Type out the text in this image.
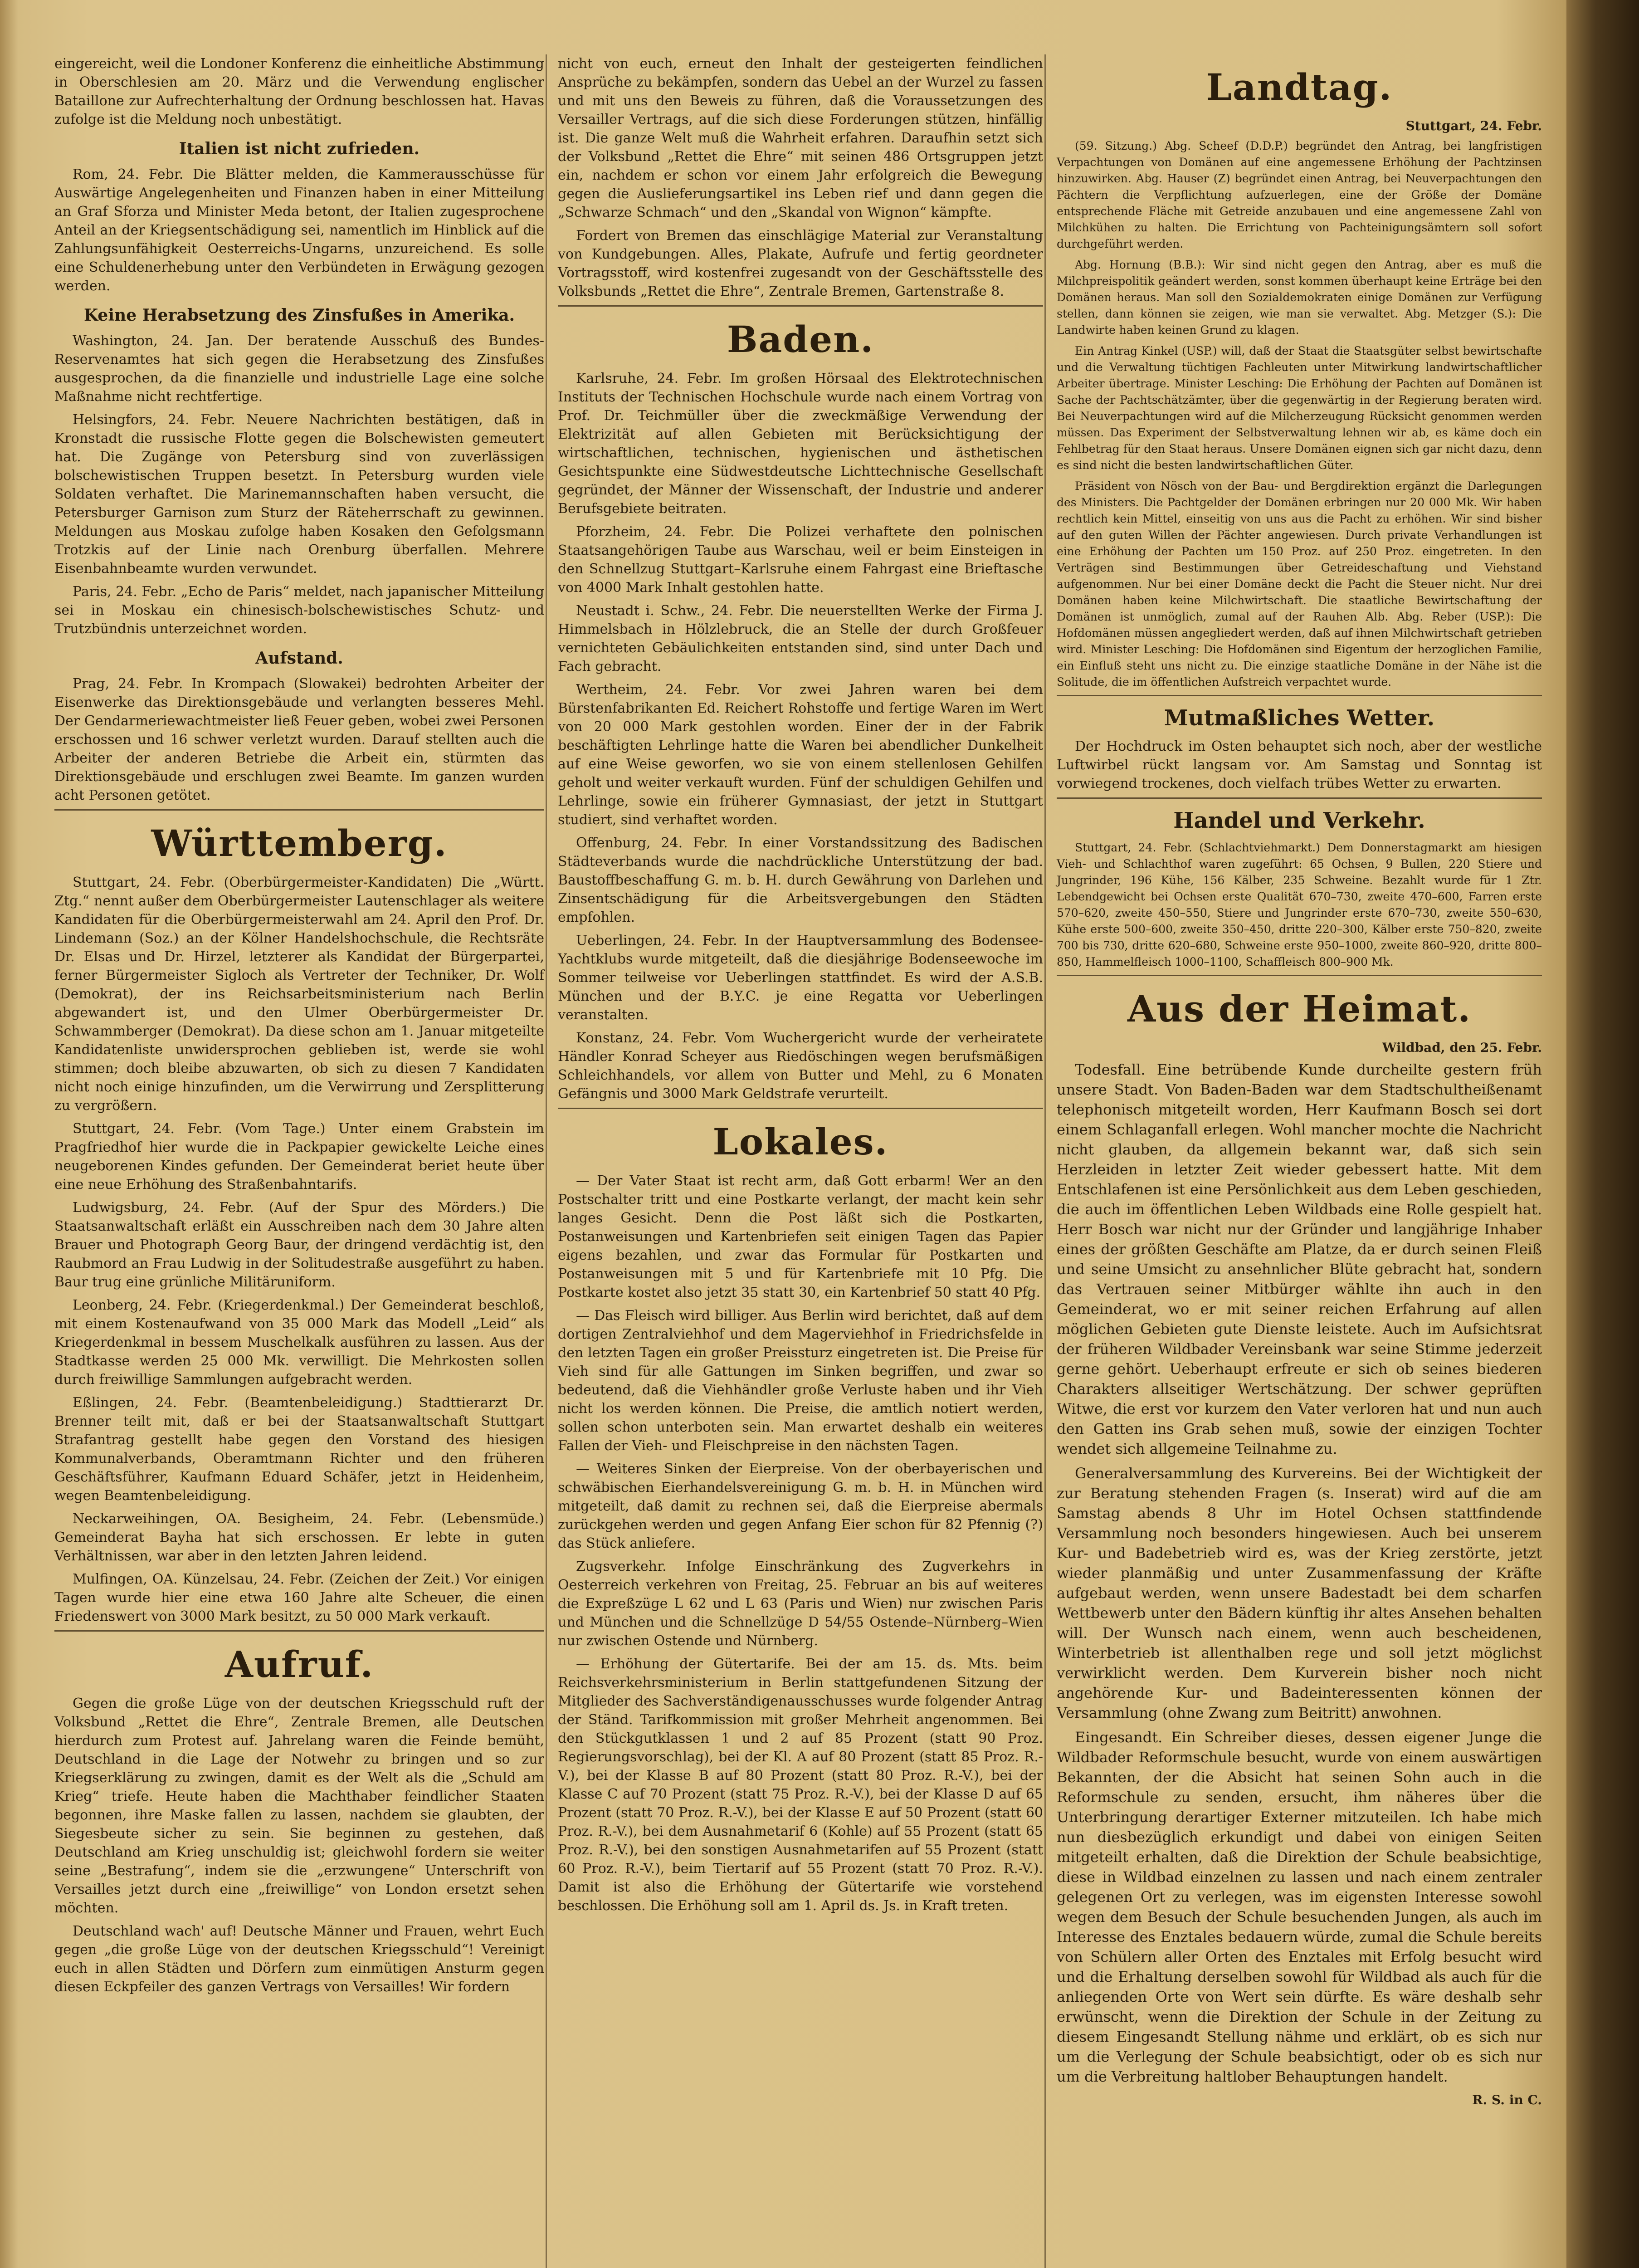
eingereicht, weil die Londoner Konferenz die einheitliche Abstimmung in Oberschlesien am 20. März und die Verwendung englischer Bataillone zur Aufrechterhaltung der Ordnung beschlossen hat. Havas zufolge ist die Meldung noch unbestätigt.

Italien ist nicht zufrieden.

Rom, 24. Febr. Die Blätter melden, die Kammerausschüsse für Auswärtige Angelegenheiten und Finanzen haben in einer Mitteilung an Graf Sforza und Minister Meda betont, der Italien zugesprochene Anteil an der Kriegsentschädigung sei, namentlich im Hinblick auf die Zahlungsunfähigkeit Oesterreichs-Ungarns, unzureichend. Es solle eine Schuldenerhebung unter den Verbündeten in Erwägung gezogen werden.

Keine Herabsetzung des Zinsfußes in Amerika.

Washington, 24. Jan. Der beratende Ausschuß des Bundes-Reservenamtes hat sich gegen die Herabsetzung des Zinsfußes ausgesprochen, da die finanzielle und industrielle Lage eine solche Maßnahme nicht rechtfertige.

Helsingfors, 24. Febr. Neuere Nachrichten bestätigen, daß in Kronstadt die russische Flotte gegen die Bolschewisten gemeutert hat. Die Zugänge von Petersburg sind von zuverlässigen bolschewistischen Truppen besetzt. In Petersburg wurden viele Soldaten verhaftet. Die Marinemannschaften haben versucht, die Petersburger Garnison zum Sturz der Räteherrschaft zu gewinnen. Meldungen aus Moskau zufolge haben Kosaken den Gefolgsmann Trotzkis auf der Linie nach Orenburg überfallen. Mehrere Eisenbahnbeamte wurden verwundet.

Paris, 24. Febr. „Echo de Paris“ meldet, nach japanischer Mitteilung sei in Moskau ein chinesisch-bolschewistisches Schutz- und Trutzbündnis unterzeichnet worden.

Aufstand.

Prag, 24. Febr. In Krompach (Slowakei) bedrohten Arbeiter der Eisenwerke das Direktionsgebäude und verlangten besseres Mehl. Der Gendarmeriewachtmeister ließ Feuer geben, wobei zwei Personen erschossen und 16 schwer verletzt wurden. Darauf stellten auch die Arbeiter der anderen Betriebe die Arbeit ein, stürmten das Direktionsgebäude und erschlugen zwei Beamte. Im ganzen wurden acht Personen getötet.

Württemberg.

Stuttgart, 24. Febr. (Oberbürgermeister-Kandidaten) Die „Württ. Ztg.“ nennt außer dem Oberbürgermeister Lautenschlager als weitere Kandidaten für die Oberbürgermeisterwahl am 24. April den Prof. Dr. Lindemann (Soz.) an der Kölner Handelshochschule, die Rechtsräte Dr. Elsas und Dr. Hirzel, letzterer als Kandidat der Bürgerpartei, ferner Bürgermeister Sigloch als Vertreter der Techniker, Dr. Wolf (Demokrat), der ins Reichsarbeitsministerium nach Berlin abgewandert ist, und den Ulmer Oberbürgermeister Dr. Schwammberger (Demokrat). Da diese schon am 1. Januar mitgeteilte Kandidatenliste unwidersprochen geblieben ist, werde sie wohl stimmen; doch bleibe abzuwarten, ob sich zu diesen 7 Kandidaten nicht noch einige hinzufinden, um die Verwirrung und Zersplitterung zu vergrößern.

Stuttgart, 24. Febr. (Vom Tage.) Unter einem Grabstein im Pragfriedhof hier wurde die in Packpapier gewickelte Leiche eines neugeborenen Kindes gefunden. Der Gemeinderat beriet heute über eine neue Erhöhung des Straßenbahntarifs.

Ludwigsburg, 24. Febr. (Auf der Spur des Mörders.) Die Staatsanwaltschaft erläßt ein Ausschreiben nach dem 30 Jahre alten Brauer und Photograph Georg Baur, der dringend verdächtig ist, den Raubmord an Frau Ludwig in der Solitudestraße ausgeführt zu haben. Baur trug eine grünliche Militäruniform.

Leonberg, 24. Febr. (Kriegerdenkmal.) Der Gemeinderat beschloß, mit einem Kostenaufwand von 35 000 Mark das Modell „Leid“ als Kriegerdenkmal in bessem Muschelkalk ausführen zu lassen. Aus der Stadtkasse werden 25 000 Mk. verwilligt. Die Mehrkosten sollen durch freiwillige Sammlungen aufgebracht werden.

Eßlingen, 24. Febr. (Beamtenbeleidigung.) Stadttierarzt Dr. Brenner teilt mit, daß er bei der Staatsanwaltschaft Stuttgart Strafantrag gestellt habe gegen den Vorstand des hiesigen Kommunalverbands, Oberamtmann Richter und den früheren Geschäftsführer, Kaufmann Eduard Schäfer, jetzt in Heidenheim, wegen Beamtenbeleidigung.

Neckarweihingen, OA. Besigheim, 24. Febr. (Lebensmüde.) Gemeinderat Bayha hat sich erschossen. Er lebte in guten Verhältnissen, war aber in den letzten Jahren leidend.

Mulfingen, OA. Künzelsau, 24. Febr. (Zeichen der Zeit.) Vor einigen Tagen wurde hier eine etwa 160 Jahre alte Scheuer, die einen Friedenswert von 3000 Mark besitzt, zu 50 000 Mark verkauft.

Aufruf.

Gegen die große Lüge von der deutschen Kriegsschuld ruft der Volksbund „Rettet die Ehre“, Zentrale Bremen, alle Deutschen hierdurch zum Protest auf. Jahrelang waren die Feinde bemüht, Deutschland in die Lage der Notwehr zu bringen und so zur Kriegserklärung zu zwingen, damit es der Welt als die „Schuld am Krieg“ triefe. Heute haben die Machthaber feindlicher Staaten begonnen, ihre Maske fallen zu lassen, nachdem sie glaubten, der Siegesbeute sicher zu sein. Sie beginnen zu gestehen, daß Deutschland am Krieg unschuldig ist; gleichwohl fordern sie weiter seine „Bestrafung“, indem sie die „erzwungene“ Unterschrift von Versailles jetzt durch eine „freiwillige“ von London ersetzt sehen möchten.

Deutschland wach' auf! Deutsche Männer und Frauen, wehrt Euch gegen „die große Lüge von der deutschen Kriegsschuld“! Vereinigt euch in allen Städten und Dörfern zum einmütigen Ansturm gegen diesen Eckpfeiler des ganzen Vertrags von Versailles! Wir fordern

nicht von euch, erneut den Inhalt der gesteigerten feindlichen Ansprüche zu bekämpfen, sondern das Uebel an der Wurzel zu fassen und mit uns den Beweis zu führen, daß die Voraussetzungen des Versailler Vertrags, auf die sich diese Forderungen stützen, hinfällig ist. Die ganze Welt muß die Wahrheit erfahren. Daraufhin setzt sich der Volksbund „Rettet die Ehre“ mit seinen 486 Ortsgruppen jetzt ein, nachdem er schon vor einem Jahr erfolgreich die Bewegung gegen die Auslieferungsartikel ins Leben rief und dann gegen die „Schwarze Schmach“ und den „Skandal von Wignon“ kämpfte.

Fordert von Bremen das einschlägige Material zur Veranstaltung von Kundgebungen. Alles, Plakate, Aufrufe und fertig geordneter Vortragsstoff, wird kostenfrei zugesandt von der Geschäftsstelle des Volksbunds „Rettet die Ehre“, Zentrale Bremen, Gartenstraße 8.

Baden.

Karlsruhe, 24. Febr. Im großen Hörsaal des Elektrotechnischen Instituts der Technischen Hochschule wurde nach einem Vortrag von Prof. Dr. Teichmüller über die zweckmäßige Verwendung der Elektrizität auf allen Gebieten mit Berücksichtigung der wirtschaftlichen, technischen, hygienischen und ästhetischen Gesichtspunkte eine Südwestdeutsche Lichttechnische Gesellschaft gegründet, der Männer der Wissenschaft, der Industrie und anderer Berufsgebiete beitraten.

Pforzheim, 24. Febr. Die Polizei verhaftete den polnischen Staatsangehörigen Taube aus Warschau, weil er beim Einsteigen in den Schnellzug Stuttgart–Karlsruhe einem Fahrgast eine Brieftasche von 4000 Mark Inhalt gestohlen hatte.

Neustadt i. Schw., 24. Febr. Die neuerstellten Werke der Firma J. Himmelsbach in Hölzlebruck, die an Stelle der durch Großfeuer vernichteten Gebäulichkeiten entstanden sind, sind unter Dach und Fach gebracht.

Wertheim, 24. Febr. Vor zwei Jahren waren bei dem Bürstenfabrikanten Ed. Reichert Rohstoffe und fertige Waren im Wert von 20 000 Mark gestohlen worden. Einer der in der Fabrik beschäftigten Lehrlinge hatte die Waren bei abendlicher Dunkelheit auf eine Weise geworfen, wo sie von einem stellenlosen Gehilfen geholt und weiter verkauft wurden. Fünf der schuldigen Gehilfen und Lehrlinge, sowie ein früherer Gymnasiast, der jetzt in Stuttgart studiert, sind verhaftet worden.

Offenburg, 24. Febr. In einer Vorstandssitzung des Badischen Städteverbands wurde die nachdrückliche Unterstützung der bad. Baustoffbeschaffung G. m. b. H. durch Gewährung von Darlehen und Zinsentschädigung für die Arbeitsvergebungen den Städten empfohlen.

Ueberlingen, 24. Febr. In der Hauptversammlung des Bodensee-Yachtklubs wurde mitgeteilt, daß die diesjährige Bodenseewoche im Sommer teilweise vor Ueberlingen stattfindet. Es wird der A.S.B. München und der B.Y.C. je eine Regatta vor Ueberlingen veranstalten.

Konstanz, 24. Febr. Vom Wuchergericht wurde der verheiratete Händler Konrad Scheyer aus Riedöschingen wegen berufsmäßigen Schleichhandels, vor allem von Butter und Mehl, zu 6 Monaten Gefängnis und 3000 Mark Geldstrafe verurteilt.

Lokales.

— Der Vater Staat ist recht arm, daß Gott erbarm! Wer an den Postschalter tritt und eine Postkarte verlangt, der macht kein sehr langes Gesicht. Denn die Post läßt sich die Postkarten, Postanweisungen und Kartenbriefen seit einigen Tagen das Papier eigens bezahlen, und zwar das Formular für Postkarten und Postanweisungen mit 5 und für Kartenbriefe mit 10 Pfg. Die Postkarte kostet also jetzt 35 statt 30, ein Kartenbrief 50 statt 40 Pfg.

— Das Fleisch wird billiger. Aus Berlin wird berichtet, daß auf dem dortigen Zentralviehhof und dem Magerviehhof in Friedrichsfelde in den letzten Tagen ein großer Preissturz eingetreten ist. Die Preise für Vieh sind für alle Gattungen im Sinken begriffen, und zwar so bedeutend, daß die Viehhändler große Verluste haben und ihr Vieh nicht los werden können. Die Preise, die amtlich notiert werden, sollen schon unterboten sein. Man erwartet deshalb ein weiteres Fallen der Vieh- und Fleischpreise in den nächsten Tagen.

— Weiteres Sinken der Eierpreise. Von der oberbayerischen und schwäbischen Eierhandelsvereinigung G. m. b. H. in München wird mitgeteilt, daß damit zu rechnen sei, daß die Eierpreise abermals zurückgehen werden und gegen Anfang Eier schon für 82 Pfennig (?) das Stück anliefere.

Zugsverkehr. Infolge Einschränkung des Zugverkehrs in Oesterreich verkehren von Freitag, 25. Februar an bis auf weiteres die Expreßzüge L 62 und L 63 (Paris und Wien) nur zwischen Paris und München und die Schnellzüge D 54/55 Ostende–Nürnberg–Wien nur zwischen Ostende und Nürnberg.

— Erhöhung der Gütertarife. Bei der am 15. ds. Mts. beim Reichsverkehrsministerium in Berlin stattgefundenen Sitzung der Mitglieder des Sachverständigenausschusses wurde folgender Antrag der Ständ. Tarifkommission mit großer Mehrheit angenommen. Bei den Stückgutklassen 1 und 2 auf 85 Prozent (statt 90 Proz. Regierungsvorschlag), bei der Kl. A auf 80 Prozent (statt 85 Proz. R.-V.), bei der Klasse B auf 80 Prozent (statt 80 Proz. R.-V.), bei der Klasse C auf 70 Prozent (statt 75 Proz. R.-V.), bei der Klasse D auf 65 Prozent (statt 70 Proz. R.-V.), bei der Klasse E auf 50 Prozent (statt 60 Proz. R.-V.), bei dem Ausnahmetarif 6 (Kohle) auf 55 Prozent (statt 65 Proz. R.-V.), bei den sonstigen Ausnahmetarifen auf 55 Prozent (statt 60 Proz. R.-V.), beim Tiertarif auf 55 Prozent (statt 70 Proz. R.-V.). Damit ist also die Erhöhung der Gütertarife wie vorstehend beschlossen. Die Erhöhung soll am 1. April ds. Js. in Kraft treten.

Landtag.
Stuttgart, 24. Febr.

(59. Sitzung.) Abg. Scheef (D.D.P.) begründet den Antrag, bei langfristigen Verpachtungen von Domänen auf eine angemessene Erhöhung der Pachtzinsen hinzuwirken. Abg. Hauser (Z) begründet einen Antrag, bei Neuverpachtungen den Pächtern die Verpflichtung aufzuerlegen, eine der Größe der Domäne entsprechende Fläche mit Getreide anzubauen und eine angemessene Zahl von Milchkühen zu halten. Die Errichtung von Pachteinigungsämtern soll sofort durchgeführt werden.

Abg. Hornung (B.B.): Wir sind nicht gegen den Antrag, aber es muß die Milchpreispolitik geändert werden, sonst kommen überhaupt keine Erträge bei den Domänen heraus. Man soll den Sozialdemokraten einige Domänen zur Verfügung stellen, dann können sie zeigen, wie man sie verwaltet. Abg. Metzger (S.): Die Landwirte haben keinen Grund zu klagen.

Ein Antrag Kinkel (USP.) will, daß der Staat die Staatsgüter selbst bewirtschafte und die Verwaltung tüchtigen Fachleuten unter Mitwirkung landwirtschaftlicher Arbeiter übertrage. Minister Lesching: Die Erhöhung der Pachten auf Domänen ist Sache der Pachtschätzämter, über die gegenwärtig in der Regierung beraten wird. Bei Neuverpachtungen wird auf die Milcherzeugung Rücksicht genommen werden müssen. Das Experiment der Selbstverwaltung lehnen wir ab, es käme doch ein Fehlbetrag für den Staat heraus. Unsere Domänen eignen sich gar nicht dazu, denn es sind nicht die besten landwirtschaftlichen Güter.

Präsident von Nösch von der Bau- und Bergdirektion ergänzt die Darlegungen des Ministers. Die Pachtgelder der Domänen erbringen nur 20 000 Mk. Wir haben rechtlich kein Mittel, einseitig von uns aus die Pacht zu erhöhen. Wir sind bisher auf den guten Willen der Pächter angewiesen. Durch private Verhandlungen ist eine Erhöhung der Pachten um 150 Proz. auf 250 Proz. eingetreten. In den Verträgen sind Bestimmungen über Getreideschaftung und Viehstand aufgenommen. Nur bei einer Domäne deckt die Pacht die Steuer nicht. Nur drei Domänen haben keine Milchwirtschaft. Die staatliche Bewirtschaftung der Domänen ist unmöglich, zumal auf der Rauhen Alb. Abg. Reber (USP.): Die Hofdomänen müssen angegliedert werden, daß auf ihnen Milchwirtschaft getrieben wird. Minister Lesching: Die Hofdomänen sind Eigentum der herzoglichen Familie, ein Einfluß steht uns nicht zu. Die einzige staatliche Domäne in der Nähe ist die Solitude, die im öffentlichen Aufstreich verpachtet wurde.

Mutmaßliches Wetter.

Der Hochdruck im Osten behauptet sich noch, aber der westliche Luftwirbel rückt langsam vor. Am Samstag und Sonntag ist vorwiegend trockenes, doch vielfach trübes Wetter zu erwarten.

Handel und Verkehr.

Stuttgart, 24. Febr. (Schlachtviehmarkt.) Dem Donnerstagmarkt am hiesigen Vieh- und Schlachthof waren zugeführt: 65 Ochsen, 9 Bullen, 220 Stiere und Jungrinder, 196 Kühe, 156 Kälber, 235 Schweine. Bezahlt wurde für 1 Ztr. Lebendgewicht bei Ochsen erste Qualität 670–730, zweite 470–600, Farren erste 570–620, zweite 450–550, Stiere und Jungrinder erste 670–730, zweite 550–630, Kühe erste 500–600, zweite 350–450, dritte 220–300, Kälber erste 750–820, zweite 700 bis 730, dritte 620–680, Schweine erste 950–1000, zweite 860–920, dritte 800–850, Hammelfleisch 1000–1100, Schaffleisch 800–900 Mk.

Aus der Heimat.
Wildbad, den 25. Febr.

Todesfall. Eine betrübende Kunde durcheilte gestern früh unsere Stadt. Von Baden-Baden war dem Stadtschultheißenamt telephonisch mitgeteilt worden, Herr Kaufmann Bosch sei dort einem Schlaganfall erlegen. Wohl mancher mochte die Nachricht nicht glauben, da allgemein bekannt war, daß sich sein Herzleiden in letzter Zeit wieder gebessert hatte. Mit dem Entschlafenen ist eine Persönlichkeit aus dem Leben geschieden, die auch im öffentlichen Leben Wildbads eine Rolle gespielt hat. Herr Bosch war nicht nur der Gründer und langjährige Inhaber eines der größten Geschäfte am Platze, da er durch seinen Fleiß und seine Umsicht zu ansehnlicher Blüte gebracht hat, sondern das Vertrauen seiner Mitbürger wählte ihn auch in den Gemeinderat, wo er mit seiner reichen Erfahrung auf allen möglichen Gebieten gute Dienste leistete. Auch im Aufsichtsrat der früheren Wildbader Vereinsbank war seine Stimme jederzeit gerne gehört. Ueberhaupt erfreute er sich ob seines biederen Charakters allseitiger Wertschätzung. Der schwer geprüften Witwe, die erst vor kurzem den Vater verloren hat und nun auch den Gatten ins Grab sehen muß, sowie der einzigen Tochter wendet sich allgemeine Teilnahme zu.

Generalversammlung des Kurvereins. Bei der Wichtigkeit der zur Beratung stehenden Fragen (s. Inserat) wird auf die am Samstag abends 8 Uhr im Hotel Ochsen stattfindende Versammlung noch besonders hingewiesen. Auch bei unserem Kur- und Badebetrieb wird es, was der Krieg zerstörte, jetzt wieder planmäßig und unter Zusammenfassung der Kräfte aufgebaut werden, wenn unsere Badestadt bei dem scharfen Wettbewerb unter den Bädern künftig ihr altes Ansehen behalten will. Der Wunsch nach einem, wenn auch bescheidenen, Winterbetrieb ist allenthalben rege und soll jetzt möglichst verwirklicht werden. Dem Kurverein bisher noch nicht angehörende Kur- und Badeinteressenten können der Versammlung (ohne Zwang zum Beitritt) anwohnen.

Eingesandt. Ein Schreiber dieses, dessen eigener Junge die Wildbader Reformschule besucht, wurde von einem auswärtigen Bekannten, der die Absicht hat seinen Sohn auch in die Reformschule zu senden, ersucht, ihm näheres über die Unterbringung derartiger Externer mitzuteilen. Ich habe mich nun diesbezüglich erkundigt und dabei von einigen Seiten mitgeteilt erhalten, daß die Direktion der Schule beabsichtige, diese in Wildbad einzelnen zu lassen und nach einem zentraler gelegenen Ort zu verlegen, was im eigensten Interesse sowohl wegen dem Besuch der Schule besuchenden Jungen, als auch im Interesse des Enztales bedauern würde, zumal die Schule bereits von Schülern aller Orten des Enztales mit Erfolg besucht wird und die Erhaltung derselben sowohl für Wildbad als auch für die anliegenden Orte von Wert sein dürfte. Es wäre deshalb sehr erwünscht, wenn die Direktion der Schule in der Zeitung zu diesem Eingesandt Stellung nähme und erklärt, ob es sich nur um die Verlegung der Schule beabsichtigt, oder ob es sich nur um die Verbreitung haltlober Behauptungen handelt.

R. S. in C.
